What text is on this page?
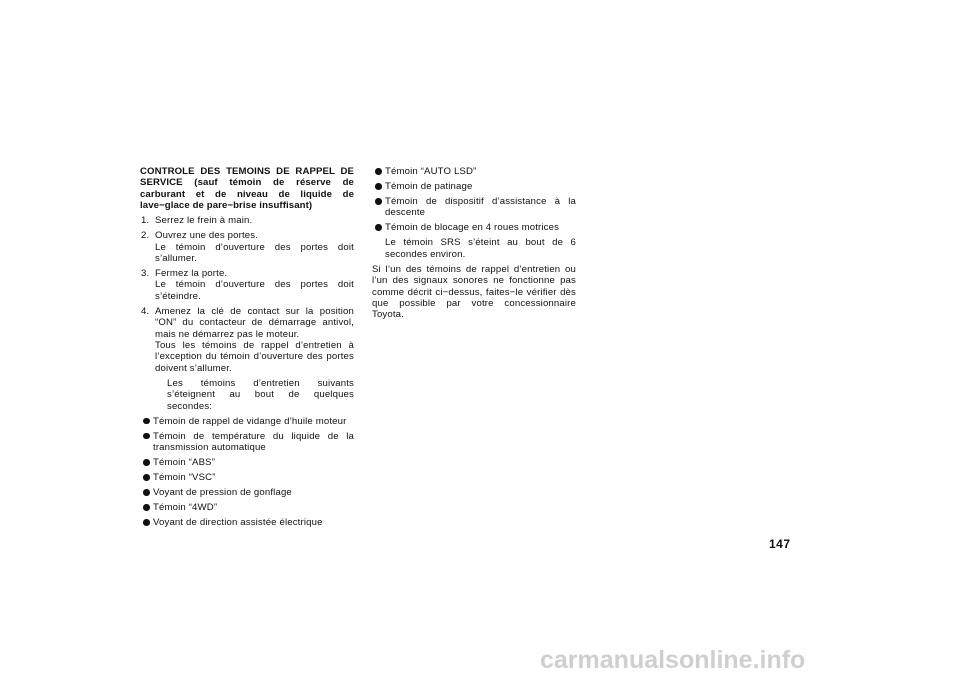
CONTROLE DES TEMOINS DE RAPPEL DE
SERVICE (sauf témoin de réserve de
carburant et de niveau de liquide de
lave−glace de pare−brise insuffisant)
1. Serrez le frein à main.
2. Ouvrez une des portes.
Le témoin d’ouverture des portes doit s’allumer.
3. Fermez la porte.
Le témoin d’ouverture des portes doit s’éteindre.
4. Amenez la clé de contact sur la position “ON” du contacteur de démarrage antivol, mais ne démarrez pas le moteur.
Tous les témoins de rappel d’entretien à l’exception du témoin d’ouverture des portes doivent s’allumer.
Les témoins d’entretien suivants s’éteignent au bout de quelques secondes:
Témoin de rappel de vidange d’huile moteur
Témoin de température du liquide de la transmission automatique
Témoin “ABS”
Témoin “VSC”
Voyant de pression de gonflage
Témoin “4WD”
Voyant de direction assistée électrique
Témoin “AUTO LSD”
Témoin de patinage
Témoin de dispositif d’assistance à la descente
Témoin de blocage en 4 roues motrices
Le témoin SRS s’éteint au bout de 6 secondes environ.
Si l’un des témoins de rappel d’entretien ou l’un des signaux sonores ne fonctionne pas comme décrit ci−dessus, faites−le vérifier dès que possible par votre concessionnaire Toyota.
147
carmanualsonline.info
